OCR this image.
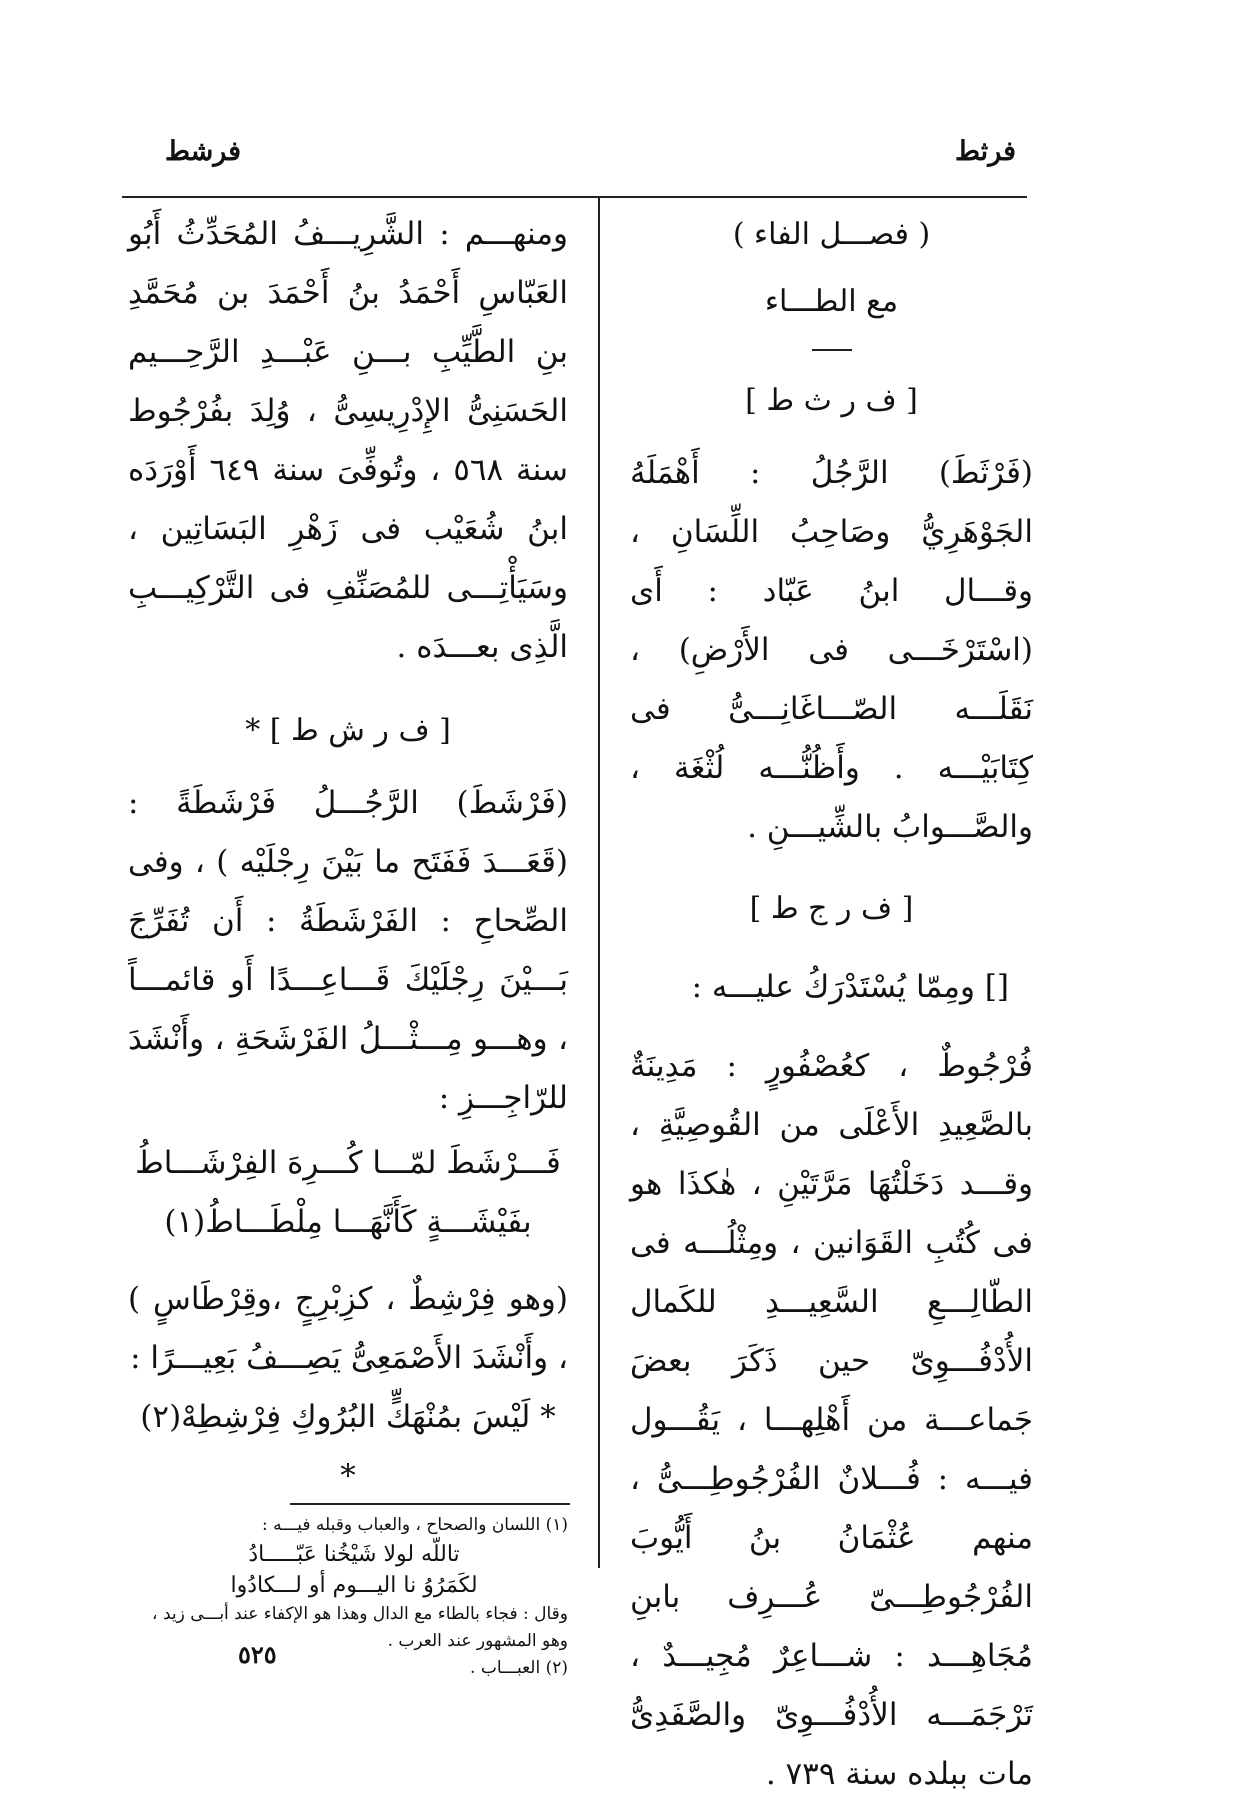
فرثط
فرشط

( فصـــل الفاء )

مع الطـــاء

[ ف ر ث ط ]

(فَرْثَطَ) الرَّجُلُ : أَهْمَلَهُ الجَوْهَرِيُّ وصَاحِبُ اللِّسَانِ ، وقـــال ابنُ عَبّاد : أَى (اسْتَرْخَـــى فى الأَرْضِ) ، نَقَلَـــه الصّـــاغَانِـــىُّ فى كِتَابَيْـــه . وأَظُنُّـــه لُثْغَة ، والصَّـــوابُ بالشِّيـــنِ .

[ ف ر ج ط ]

[] ومِمّا يُسْتَدْرَكُ عليـــه :

فُرْجُوطٌ ، كعُصْفُورٍ : مَدِينَةٌ بالصَّعِيدِ الأَعْلَى من القُوصِيَّةِ ، وقـــد دَخَلْتُهَا مَرَّتَيْنِ ، هٰكذَا هو فى كُتُبِ القَوَانين ، ومِثْلُـــه فى الطّالِـــعِ السَّعِيـــدِ للكَمال الأُدْفُـــوِىّ حين ذَكَرَ بعضَ جَماعـــة من أَهْلِهـــا ، يَقُـــول فيـــه : فُـــلانٌ الفُرْجُوطِـــىُّ ، منهم عُثْمَانُ بنُ أَيُّوبَ الفُرْجُوطِـــىّ عُـــرِف بابنِ مُجَاهِـــد : شـــاعِرٌ مُجِيـــدٌ ، تَرْجَمَـــه الأُدْفُـــوِىّ والصَّفَدِىُّ مات ببلده سنة ٧٣٩ .

ومنهـــم : الشَّرِيـــفُ المُحَدِّثُ أَبُو العَبّاسِ أَحْمَدُ بنُ أَحْمَدَ بن مُحَمَّدِ بنِ الطَّيِّبِ بـــنِ عَبْـــدِ الرَّحِـــيم الحَسَنِىُّ الإِدْرِيسِىُّ ، وُلِدَ بفُرْجُوط سنة ٥٦٨ ، وتُوفِّىَ سنة ٦٤٩ أَوْرَدَه ابنُ شُعَيْب فى زَهْرِ البَسَاتِين ، وسَيَأْتِـــى للمُصَنِّفِ فى التَّرْكِيـــبِ الَّذِى بعـــدَه .

[ ف ر ش ط ] *

(فَرْشَطَ) الرَّجُـــلُ فَرْشَطَةً : (قَعَـــدَ فَفَتَح ما بَيْنَ رِجْلَيْه ) ، وفى الصِّحاحِ : الفَرْشَطَةُ : أَن تُفَرِّجَ بَـــيْنَ رِجْلَيْكَ قَـــاعِـــدًا أَو قائمـــاً ، وهـــو مِـــثْـــلُ الفَرْشَحَةِ ، وأَنْشَدَ للرّاجِـــزِ :

فَـــرْشَطَ لمّـــا كُـــرِهَ الفِرْشَـــاطُ

بفَيْشَـــةٍ كَأَنَّهَـــا مِلْطَـــاطُ(١)

(وهو فِرْشِطٌ ، كزِبْرِجٍ ،وقِرْطَاسٍ ) ، وأَنْشَدَ الأَصْمَعِىُّ يَصِـــفُ بَعِيـــرًا :

* لَيْسَ بمُنْهَكٍّ البُرُوكِ فِرْشِطِهْ(٢) *

(١) اللسان والصحاح ، والعباب وقبله فيـــه :

تاللّه لولا شَيْخُنا عَبّـــــادُ

لكَمَرُوُ نا اليـــوم أو لـــكادُوا

وقال : فجاء بالطاء مع الدال وهذا هو الإكفاء عند أبـــى زيد ، وهو المشهور عند العرب .

(٢) العبـــاب .

٥٢٥
